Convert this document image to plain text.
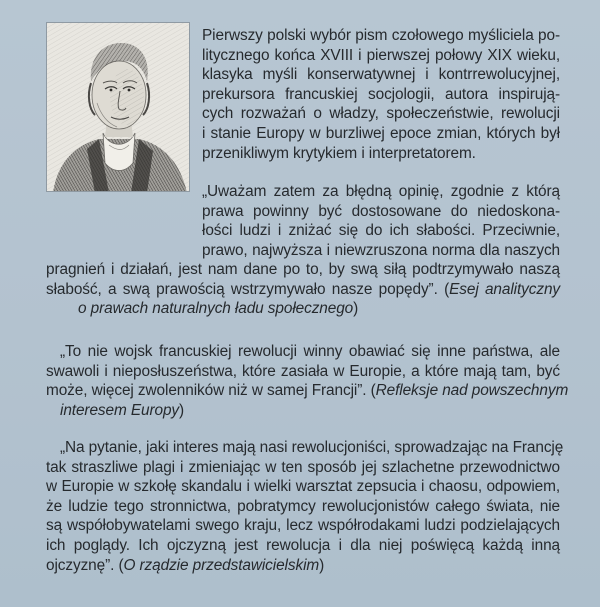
Pierwszy polski wybór pism czołowego myśliciela po-
litycznego końca XVIII i pierwszej połowy XIX wieku,
klasyka myśli konserwatywnej i kontrrewolucyjnej,
prekursora francuskiej socjologii, autora inspirują-
cych rozważań o władzy, społeczeństwie, rewolucji
i stanie Europy w burzliwej epoce zmian, których był
przenikliwym krytykiem i interpretatorem.
„Uważam zatem za błędną opinię, zgodnie z którą
prawa powinny być dostosowane do niedoskona-
łości ludzi i zniżać się do ich słabości. Przeciwnie,
prawo, najwyższa i niewzruszona norma dla naszych
pragnień i działań, jest nam dane po to, by swą siłą podtrzymywało naszą
słabość, a swą prawością wstrzymywało nasze popędy”. (Esej analityczny
o prawach naturalnych ładu społecznego)
„To nie wojsk francuskiej rewolucji winny obawiać się inne państwa, ale
swawoli i nieposłuszeństwa, które zasiała w Europie, a które mają tam, być
może, więcej zwolenników niż w samej Francji”. (Refleksje nad powszechnym
interesem Europy)
„Na pytanie, jaki interes mają nasi rewolucjoniści, sprowadzając na Francję
tak straszliwe plagi i zmieniając w ten sposób jej szlachetne przewodnictwo
w Europie w szkołę skandalu i wielki warsztat zepsucia i chaosu, odpowiem,
że ludzie tego stronnictwa, pobratymcy rewolucjonistów całego świata, nie
są współobywatelami swego kraju, lecz współrodakami ludzi podzielających
ich poglądy. Ich ojczyzną jest rewolucja i dla niej poświęcą każdą inną
ojczyznę”. (O rządzie przedstawicielskim)
